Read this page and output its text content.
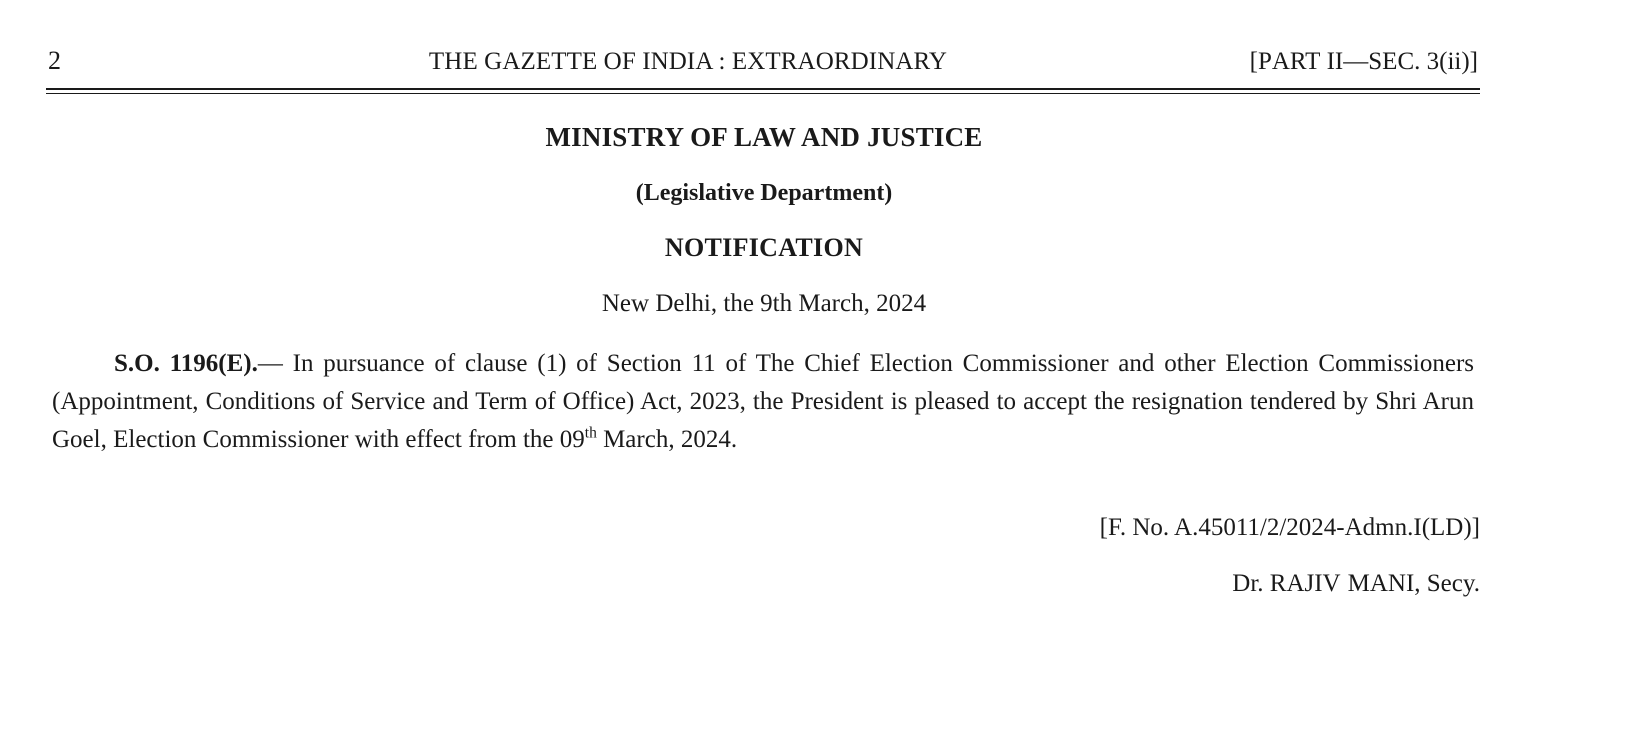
2	THE GAZETTE OF INDIA : EXTRAORDINARY	[PART II—SEC. 3(ii)]
MINISTRY OF LAW AND JUSTICE
(Legislative Department)
NOTIFICATION
New Delhi, the 9th March, 2024
S.O. 1196(E).— In pursuance of clause (1) of Section 11 of The Chief Election Commissioner and other Election Commissioners (Appointment, Conditions of Service and Term of Office) Act, 2023, the President is pleased to accept the resignation tendered by Shri Arun Goel, Election Commissioner with effect from the 09th March, 2024.
[F. No. A.45011/2/2024-Admn.I(LD)]
Dr. RAJIV MANI, Secy.
